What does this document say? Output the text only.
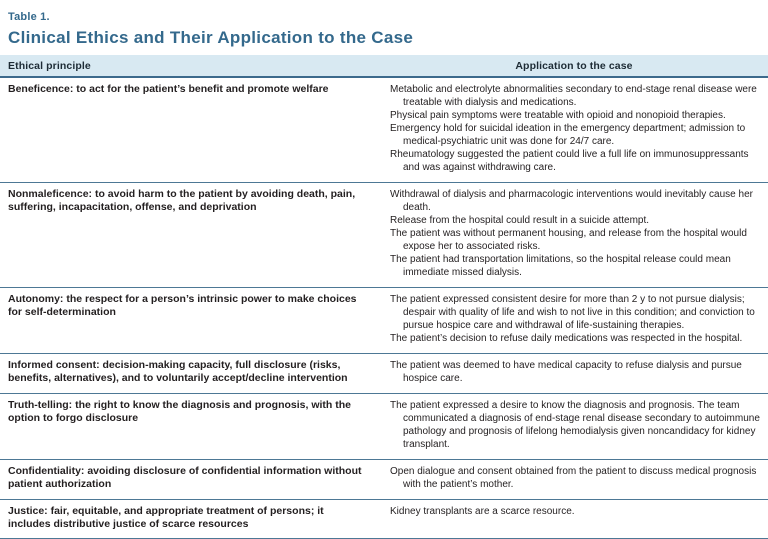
Table 1.
Clinical Ethics and Their Application to the Case
Ethical principle	Application to the case
Beneficence: to act for the patient’s benefit and promote welfare	Metabolic and electrolyte abnormalities secondary to end-stage renal disease were treatable with dialysis and medications.
Physical pain symptoms were treatable with opioid and nonopioid therapies.
Emergency hold for suicidal ideation in the emergency department; admission to medical-psychiatric unit was done for 24/7 care.
Rheumatology suggested the patient could live a full life on immunosuppressants and was against withdrawing care.
Nonmaleficence: to avoid harm to the patient by avoiding death, pain, suffering, incapacitation, offense, and deprivation
Withdrawal of dialysis and pharmacologic interventions would inevitably cause her death.
Release from the hospital could result in a suicide attempt.
The patient was without permanent housing, and release from the hospital would expose her to associated risks.
The patient had transportation limitations, so the hospital release could mean immediate missed dialysis.
Autonomy: the respect for a person’s intrinsic power to make choices for self-determination
The patient expressed consistent desire for more than 2 y to not pursue dialysis; despair with quality of life and wish to not live in this condition; and conviction to pursue hospice care and withdrawal of life-sustaining therapies.
The patient’s decision to refuse daily medications was respected in the hospital.
Informed consent: decision-making capacity, full disclosure (risks, benefits, alternatives), and to voluntarily accept/decline intervention
The patient was deemed to have medical capacity to refuse dialysis and pursue hospice care.
Truth-telling: the right to know the diagnosis and prognosis, with the option to forgo disclosure
The patient expressed a desire to know the diagnosis and prognosis. The team communicated a diagnosis of end-stage renal disease secondary to autoimmune pathology and prognosis of lifelong hemodialysis given noncandidacy for kidney transplant.
Confidentiality: avoiding disclosure of confidential information without patient authorization
Open dialogue and consent obtained from the patient to discuss medical prognosis with the patient’s mother.
Justice: fair, equitable, and appropriate treatment of persons; it includes distributive justice of scarce resources
Kidney transplants are a scarce resource.
